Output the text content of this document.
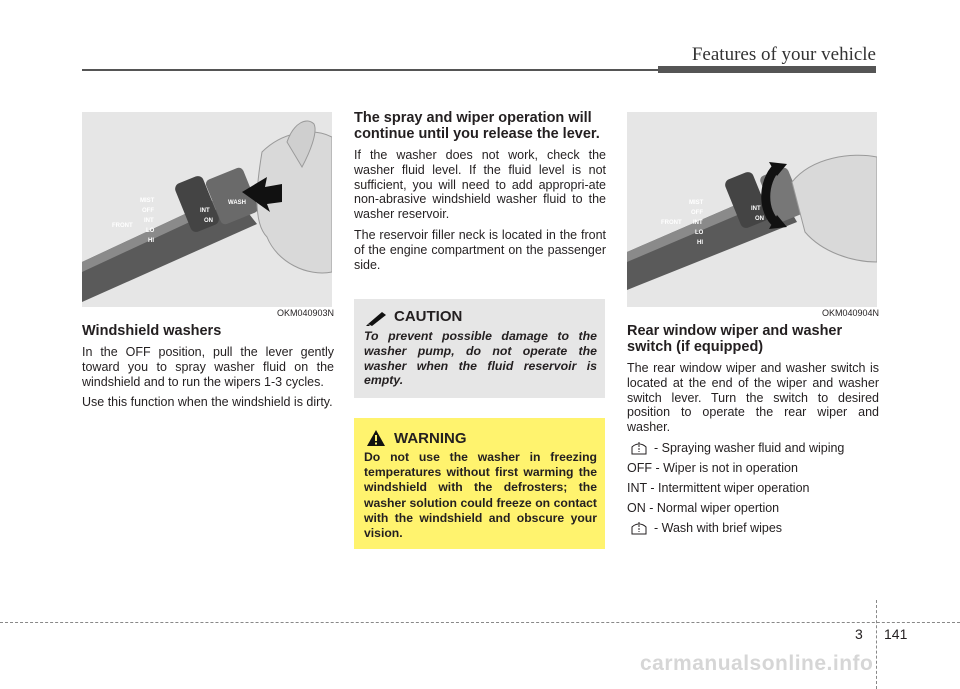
Features of your vehicle
MIST
OFF
INT
LO
HI
FRONT
INT
ON
WASH
OKM040903N
Windshield washers

In the OFF position, pull the lever gently toward you to spray washer fluid on the windshield and to run the wipers 1-3 cycles.

Use this function when the windshield is dirty.

The spray and wiper operation will continue until you release the lever.

If the washer does not work, check the washer fluid level. If the fluid level is not sufficient, you will need to add appropri-ate non-abrasive windshield washer fluid to the washer reservoir.

The reservoir filler neck is located in the front of the engine compartment on the passenger side.

CAUTION
To prevent possible damage to the washer pump, do not operate the washer when the fluid reservoir is empty.
WARNING
Do not use the washer in freezing temperatures without first warming the windshield with the defrosters; the washer solution could freeze on contact with the windshield and obscure your vision.
MIST
OFF
INT
LO
HI
FRONT
INT
ON
OKM040904N
Rear window wiper and washer switch (if equipped)

The rear window wiper and washer switch is located at the end of the wiper and washer switch lever. Turn the switch to desired position to operate the rear wiper and washer.

- Spraying washer fluid and wiping
OFF - Wiper is not in operation
INT - Intermittent wiper operation
ON - Normal wiper opertion
- Wash with brief wipes
3 141
carmanualsonline.info
